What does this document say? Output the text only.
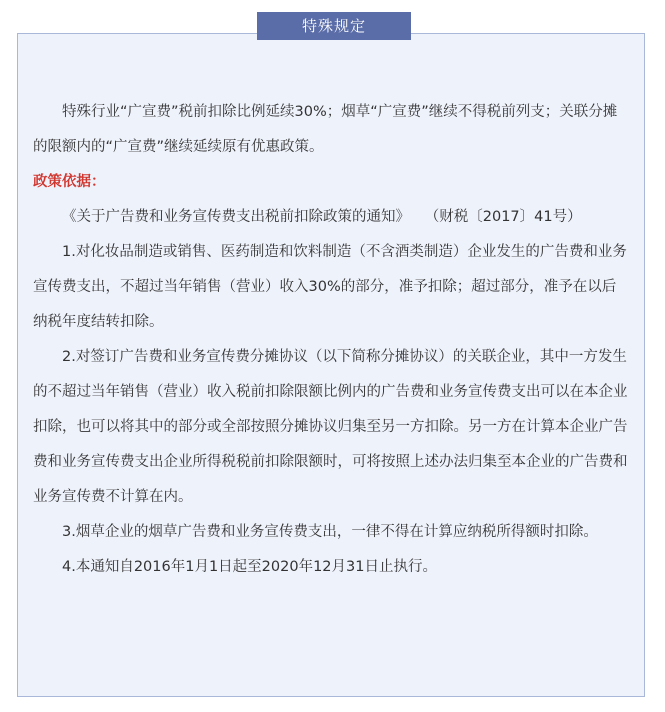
特殊规定

特殊行业“广宣费”税前扣除比例延续30%；烟草“广宣费”继续不得税前列支；关联分摊的限额内的“广宣费”继续延续原有优惠政策。

政策依据：

《关于广告费和业务宣传费支出税前扣除政策的通知》 （财税〔2017〕41号）

1.对化妆品制造或销售、医药制造和饮料制造（不含酒类制造）企业发生的广告费和业务宣传费支出，不超过当年销售（营业）收入30%的部分，准予扣除；超过部分，准予在以后纳税年度结转扣除。

2.对签订广告费和业务宣传费分摊协议（以下简称分摊协议）的关联企业，其中一方发生的不超过当年销售（营业）收入税前扣除限额比例内的广告费和业务宣传费支出可以在本企业扣除，也可以将其中的部分或全部按照分摊协议归集至另一方扣除。另一方在计算本企业广告费和业务宣传费支出企业所得税税前扣除限额时，可将按照上述办法归集至本企业的广告费和业务宣传费不计算在内。

3.烟草企业的烟草广告费和业务宣传费支出，一律不得在计算应纳税所得额时扣除。

4.本通知自2016年1月1日起至2020年12月31日止执行。
